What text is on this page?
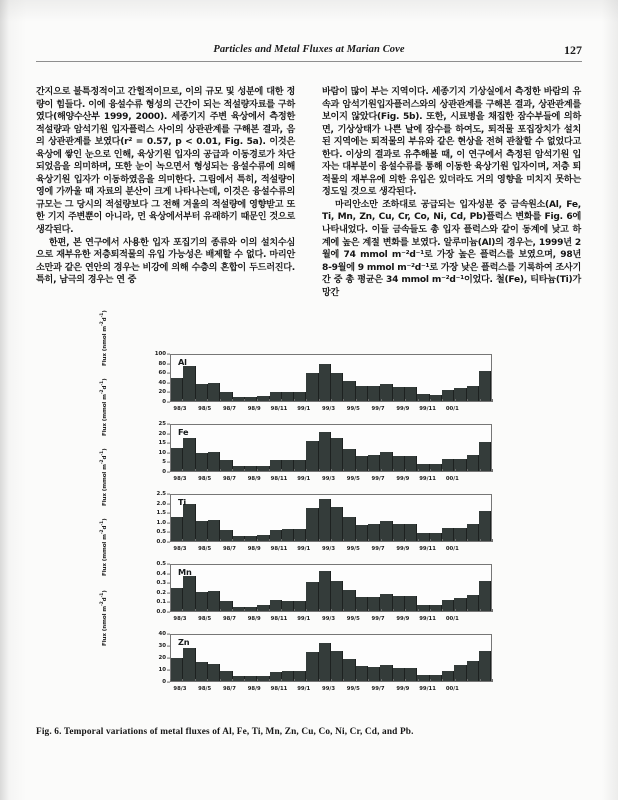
Particles and Metal Fluxes at Marian Cove	127

간지으로 불특정적이고 간헐적이므로, 이의 규모 및 성분에 대한 정량이 힘들다. 이에 융설수류 형성의 근간이 되는 적설량자료를 구하였다(해양수산부 1999, 2000). 세종기지 주변 육상에서 측정한 적설량과 암석기원 입자플럭스 사이의 상관관계를 구해본 결과, 음의 상관관계를 보였다(r² = 0.57, p < 0.01, Fig. 5a). 이것은 육상에 쌓인 눈으로 인해, 육상기원 입자의 공급과 이동경로가 차단되었음을 의미하며, 또한 눈이 녹으면서 형성되는 융설수류에 의해 육상기원 입자가 이동하였음을 의미한다. 그림에서 특히, 적설량이 영에 가까울 때 자료의 분산이 크게 나타나는데, 이것은 융설수류의 규모는 그 당시의 적설량보다 그 전해 겨울의 적설량에 영향받고 또한 기지 주변뿐이 아니라, 먼 육상에서부터 유래하기 때문인 것으로 생각된다.

한편, 본 연구에서 사용한 입자 포집기의 종류와 이의 설치수심으로 재부유한 저층퇴적물의 유입 가능성은 배제할 수 없다. 마리안 소만과 같은 연안의 경우는 비강에 의해 수층의 혼합이 두드러진다. 특히, 남극의 경우는 연 중

바람이 많이 부는 지역이다. 세종기지 기상실에서 측정한 바람의 유속과 암석기원입자플러스와의 상관관계를 구해본 결과, 상관관계를 보이지 않았다(Fig. 5b). 또한, 시료병을 채집한 잠수부들에 의하면, 기상상태가 나쁜 날에 잠수를 하여도, 퇴적물 포집장치가 설치된 지역에는 퇴적물의 부유와 같은 현상을 전혀 관찰할 수 없었다고 한다. 이상의 결과로 유추해볼 때, 이 연구에서 측정된 암석기원 입자는 대부분이 융설수류를 통해 이동한 육상기원 입자이며, 저층 퇴적물의 재부유에 의한 유입은 있더라도 거의 영향을 미치지 못하는 정도일 것으로 생각된다.

마리안소만 조하대로 공급되는 입자성분 중 금속원소(Al, Fe, Ti, Mn, Zn, Cu, Cr, Co, Ni, Cd, Pb)플럭스 변화를 Fig. 6에 나타내었다. 이들 금속들도 총 입자 플럭스와 같이 동계에 낮고 하계에 높은 계절 변화를 보였다. 알루미늄(Al)의 경우는, 1999년 2월에 74 mmol m⁻²d⁻¹로 가장 높은 플럭스를 보였으며, 98년 8-9월에 9 mmol m⁻²d⁻¹로 가장 낮은 플럭스를 기록하여 조사기간 중 총 평균은 34 mmol m⁻²d⁻¹이었다. 철(Fe), 티타늄(Ti)가 망간

Flux (nmol $m^{-2}d^{-1}$)
0
20
40
60
80
100
Al
98/3 98/5 98/7 98/9 98/11 99/1 99/3 99/5 99/7 99/9 99/11 00/1
Flux (mmol $m^{-2}d^{-1}$)
0
5
10
15
20
25
Fe
98/3 98/5 98/7 98/9 98/11 99/1 99/3 99/5 99/7 99/9 99/11 00/1
Flux (mmol $m^{-2}d^{-1}$)
0.0
0.5
1.0
1.5
2.0
2.5
Ti
98/3 98/5 98/7 98/9 98/11 99/1 99/3 99/5 99/7 99/9 99/11 00/1
Flux (mmol $m^{-2}d^{-1}$)
0.0
0.1
0.2
0.3
0.4
0.5
Mn
98/3 98/5 98/7 98/9 98/11 99/1 99/3 99/5 99/7 99/9 99/11 00/1
Flux (nmol $m^{-2}d^{-1}$)
0
10
20
30
40
Zn
98/3 98/5 98/7 98/9 98/11 99/1 99/3 99/5 99/7 99/9 99/11 00/1
Fig. 6. Temporal variations of metal fluxes of Al, Fe, Ti, Mn, Zn, Cu, Co, Ni, Cr, Cd, and Pb.
